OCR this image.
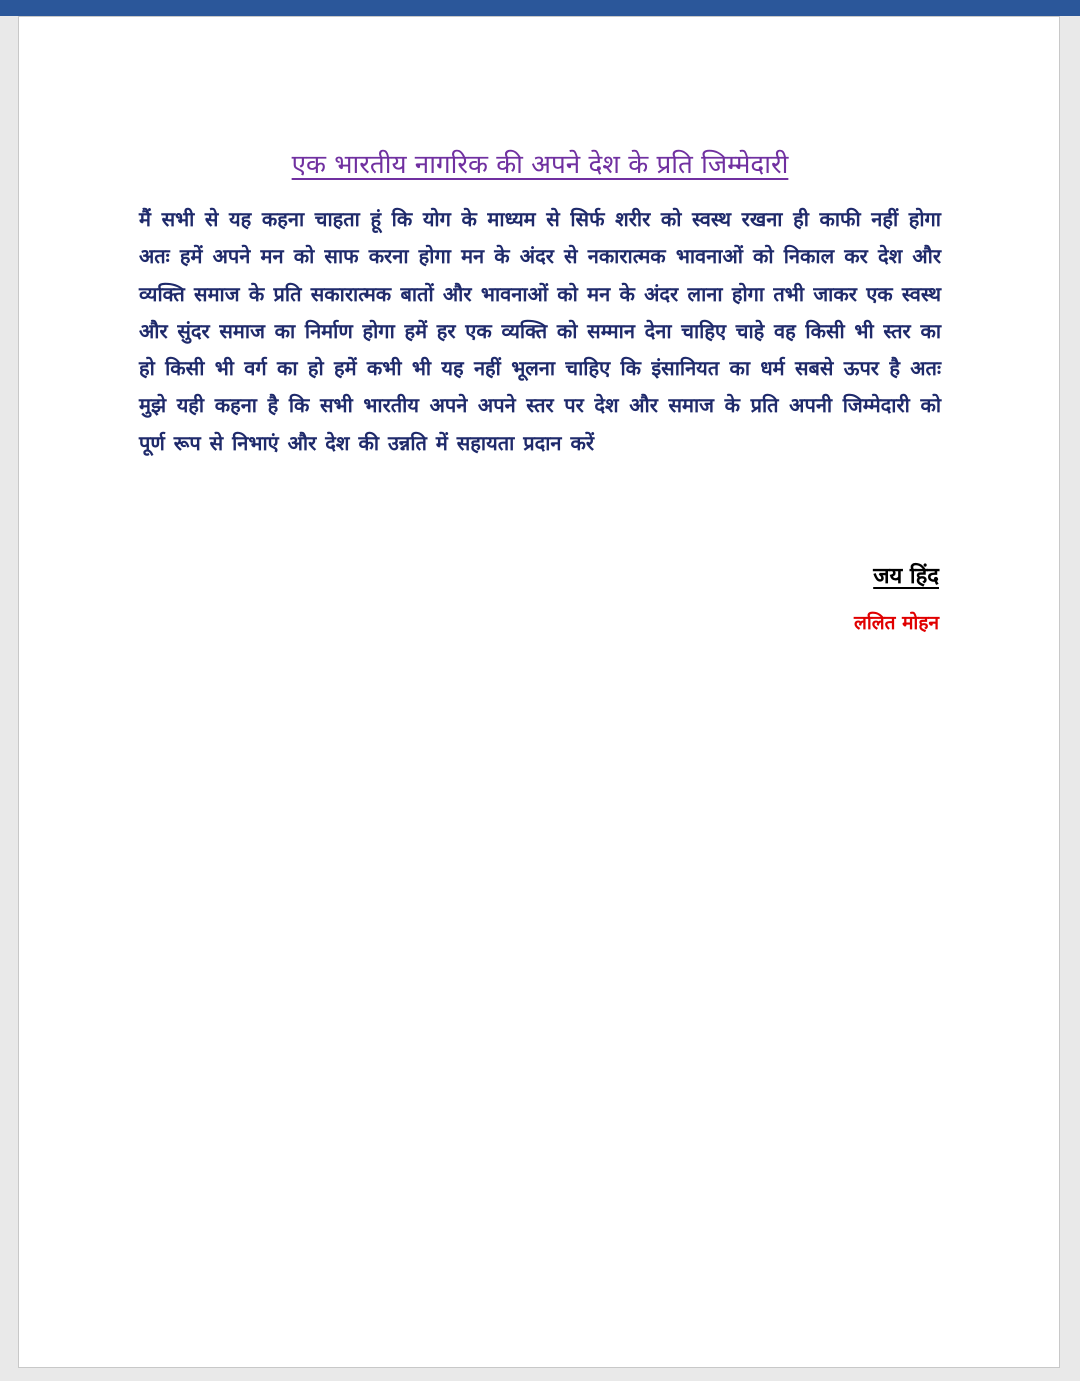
एक भारतीय नागरिक की अपने देश के प्रति जिम्मेदारी

मैं सभी से यह कहना चाहता हूं कि योग के माध्यम से सिर्फ शरीर को स्वस्थ रखना ही काफी नहीं होगा अतः हमें अपने मन को साफ करना होगा मन के अंदर से नकारात्मक भावनाओं को निकाल कर देश और व्यक्ति समाज के प्रति सकारात्मक बातों और भावनाओं को मन के अंदर लाना होगा तभी जाकर एक स्वस्थ और सुंदर समाज का निर्माण होगा हमें हर एक व्यक्ति को सम्मान देना चाहिए चाहे वह किसी भी स्तर का हो किसी भी वर्ग का हो हमें कभी भी यह नहीं भूलना चाहिए कि इंसानियत का धर्म सबसे ऊपर है अतः मुझे यही कहना है कि सभी भारतीय अपने अपने स्तर पर देश और समाज के प्रति अपनी जिम्मेदारी को पूर्ण रूप से निभाएं और देश की उन्नति में सहायता प्रदान करें

जय हिंद
ललित मोहन
